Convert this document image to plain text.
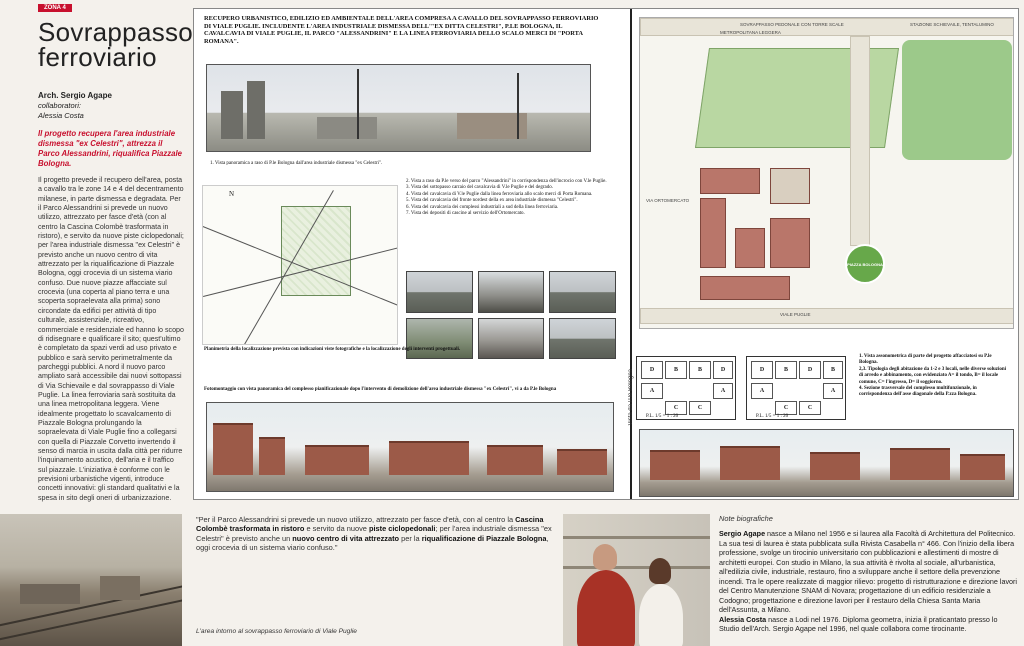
ZONA 4
Sovrappasso
ferroviario
Arch. Sergio Agape
collaboratori:
Alessia Costa
Il progetto recupera l'area industriale dismessa "ex Celestri", attrezza il Parco Alessandrini, riqualifica Piazzale Bologna.
Il progetto prevede il recupero dell'area, posta a cavallo tra le zone 14 e 4 del decentramento milanese, in parte dismessa e degradata. Per il Parco Alessandrini si prevede un nuovo utilizzo, attrezzato per fasce d'età (con al centro la Cascina Colombè trasformata in ristoro), e servito da nuove piste ciclopedonali; per l'area industriale dismessa "ex Celestri" è previsto anche un nuovo centro di vita attrezzato per la riqualificazione di Piazzale Bologna, oggi crocevia di un sistema viario confuso. Due nuove piazze affacciate sul crocevia (una coperta al piano terra e una scoperta sopraelevata alla prima) sono circondate da edifici per attività di tipo culturale, assistenziale, ricreativo, commerciale e residenziale ed hanno lo scopo di ridisegnare e qualificare il sito; quest'ultimo è completato da spazi verdi ad uso privato e pubblico e sarà servito perimetralmente da parcheggi pubblici. A nord il nuovo parco ampliato sarà accessibile dai nuovi sottopassi di Via Schievaile e dal sovrappasso di Viale Puglie. La linea ferroviaria sarà sostituita da una linea metropolitana leggera. Viene idealmente progettato lo scavalcamento di Piazzale Bologna prolungando la sopraelevata di Viale Puglie fino a collegarsi con quella di Piazzale Corvetto invertendo il senso di marcia in uscita dalla città per ridurre l'inquinamento acustico, dell'aria e il traffico sul piazzale. L'iniziativa è conforme con le previsioni urbanistiche vigenti, introduce concetti innovativi: gli standard qualitativi e la spesa in sito degli oneri di urbanizzazione.
RECUPERO URBANISTICO, EDILIZIO ED AMBIENTALE DELL'AREA COMPRESA A CAVALLO DEL SOVRAPPASSO FERROVIARIO DI VIALE PUGLIE. INCLUDENTE L'AREA INDUSTRIALE DISMESSA DELL'"EX DITTA CELESTRI", P.LE BOLOGNA, IL CAVALCAVIA DI VIALE PUGLIE, IL PARCO "ALESSANDRINI" E LA LINEA FERROVIARIA DELLO SCALO MERCI DI "PORTA ROMANA".
1. Vista panoramica a raso di P.le Bologna dall'area industriale dismessa "ex Celestri".
N
2. Vista a raso da P.le verso del parco "Alessandrini" in corrispondenza dell'incrocio con V.le Puglie.
3. Vista del sottopasso carraio del cavalcavia di V.le Puglie e del degrado.
4. Vista del cavalcavia di V.le Puglie dalla linea ferroviaria allo scalo merci di Porta Romana.
5. Vista del cavalcavia del fronte nordest della ex area industriale dismessa "Celestri".
6. Vista del cavalcavia dei complessi industriali a sud della linea ferroviaria.
7. Vista dei depositi di cascine al servizio dell'Ortomercato.
Planimetria della localizzazione prevista con indicazioni viste fotografiche e la localizzazione degli interventi progettuali.
Fotomontaggio con vista panoramica del complesso pianificazionale dopo l'intervento di demolizione dell'area industriale dismessa "ex Celestri", vi a da P.le Bologna
SOVRAPPASSO PEDONALE CON TORRE SCALE
METROPOLITANA LEGGERA
STAZIONE SCHIEVAILE, TENTALUMINO
VIALE PUGLIE
VIA ORTOMERCATO
PIAZZA BOLOGNA
Vista da P.le Bologna	D	B	B	D
A	A
C	C
P.L. 1/5 = 1 : 20
D	B
A
C
D	B
A
C
P.L. 1/5 = 1 : 20
1. Vista assonometrica di parte del progetto affacciatosi su P.le Bologna.
2,3. Tipologia degli abitazione da 1-2 e 3 locali, nelle diverse soluzioni di arredo e abbinamento, con evidenziato A= il tondo, B= il locale comune, C= l'ingresso, D= il soggiorno.
4. Sezione trasversale del complesso multifunzionale, in corrispondenza dell'asse diagonale della P.zza Bologna.

"Per il Parco Alessandrini si prevede un nuovo utilizzo, attrezzato per fasce d'età, con al centro la Cascina Colombè trasformata in ristoro e servito da nuove piste ciclopedonali; per l'area industriale dismessa "ex Celestri" è previsto anche un nuovo centro di vita attrezzato per la riqualificazione di Piazzale Bologna, oggi crocevia di un sistema viario confuso."

L'area intorno al sovrappasso ferroviario di Viale Puglie
Note biografiche

Sergio Agape nasce a Milano nel 1956 e si laurea alla Facoltà di Architettura del Politecnico. La sua tesi di laurea è stata pubblicata sulla Rivista Casabella n° 466. Con l'inizio della libera professione, svolge un tirocinio universitario con pubblicazioni e allestimenti di mostre di architetti europei. Con studio in Milano, la sua attività è rivolta al sociale, all'urbanistica, all'edilizia civile, industriale, restauro, fino a sviluppare anche il settore della prevenzione incendi. Tra le opere realizzate di maggior rilievo: progetto di ristrutturazione e direzione lavori del Centro Manutenzione SNAM di Novara; progettazione di un edificio residenziale a Codogno; progettazione e direzione lavori per il restauro della Chiesa Santa Maria dell'Assunta, a Milano.
Alessia Costa nasce a Lodi nel 1976. Diploma geometra, inizia il praticantato presso lo Studio dell'Arch. Sergio Agape nel 1996, nel quale collabora come tirocinante.
